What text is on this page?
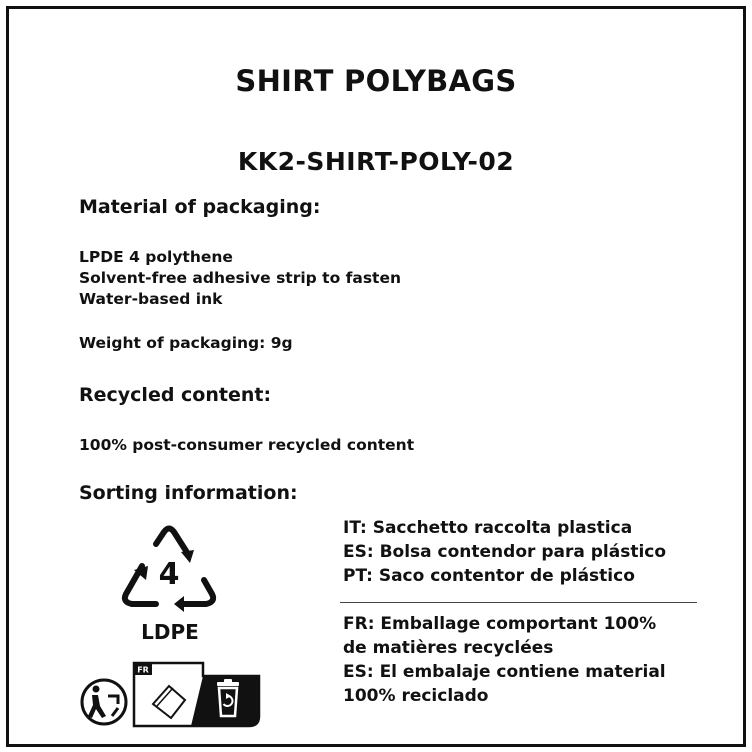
SHIRT POLYBAGS
KK2-SHIRT-POLY-02
Material of packaging:
LPDE 4 polythene
Solvent-free adhesive strip to fasten
Water-based ink
Weight of packaging: 9g
Recycled content:
100% post-consumer recycled content
Sorting information:
4
LDPE
FR
IT: Sacchetto raccolta plastica
ES: Bolsa contendor para plástico
PT: Saco contentor de plástico
FR: Emballage comportant 100%
de matières recyclées
ES: El embalaje contiene material
100% reciclado
